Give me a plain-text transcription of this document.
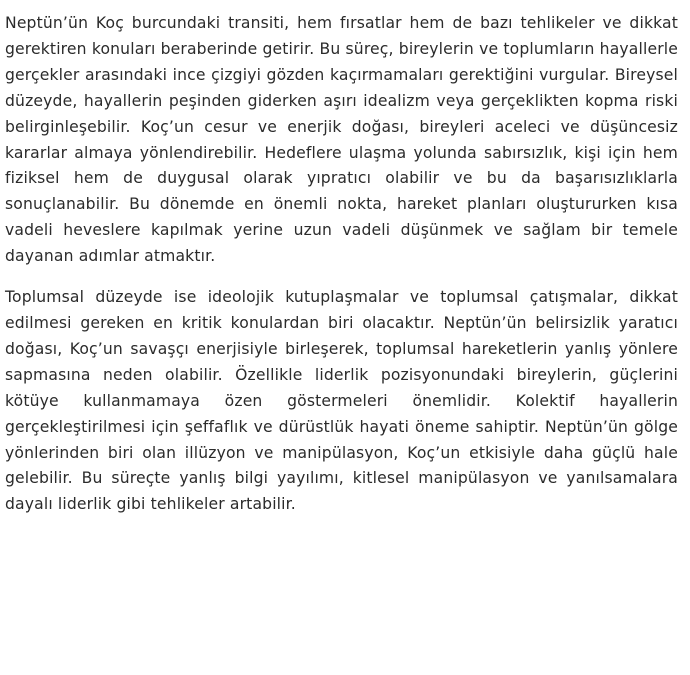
Neptün’ün Koç burcundaki transiti, hem fırsatlar hem de bazı tehlikeler ve dikkat gerektiren konuları beraberinde getirir. Bu süreç, bireylerin ve toplumların hayallerle gerçekler arasındaki ince çizgiyi gözden kaçırmamaları gerektiğini vurgular. Bireysel düzeyde, hayallerin peşinden giderken aşırı idealizm veya gerçeklikten kopma riski belirginleşebilir. Koç’un cesur ve enerjik doğası, bireyleri aceleci ve düşüncesiz kararlar almaya yönlendirebilir. Hedeflere ulaşma yolunda sabırsızlık, kişi için hem fiziksel hem de duygusal olarak yıpratıcı olabilir ve bu da başarısızlıklarla sonuçlanabilir. Bu dönemde en önemli nokta, hareket planları oluştururken kısa vadeli heveslere kapılmak yerine uzun vadeli düşünmek ve sağlam bir temele dayanan adımlar atmaktır.

Toplumsal düzeyde ise ideolojik kutuplaşmalar ve toplumsal çatışmalar, dikkat edilmesi gereken en kritik konulardan biri olacaktır. Neptün’ün belirsizlik yaratıcı doğası, Koç’un savaşçı enerjisiyle birleşerek, toplumsal hareketlerin yanlış yönlere sapmasına neden olabilir. Özellikle liderlik pozisyonundaki bireylerin, güçlerini kötüye kullanmamaya özen göstermeleri önemlidir. Kolektif hayallerin gerçekleştirilmesi için şeffaflık ve dürüstlük hayati öneme sahiptir. Neptün’ün gölge yönlerinden biri olan illüzyon ve manipülasyon, Koç’un etkisiyle daha güçlü hale gelebilir. Bu süreçte yanlış bilgi yayılımı, kitlesel manipülasyon ve yanılsamalara dayalı liderlik gibi tehlikeler artabilir.
